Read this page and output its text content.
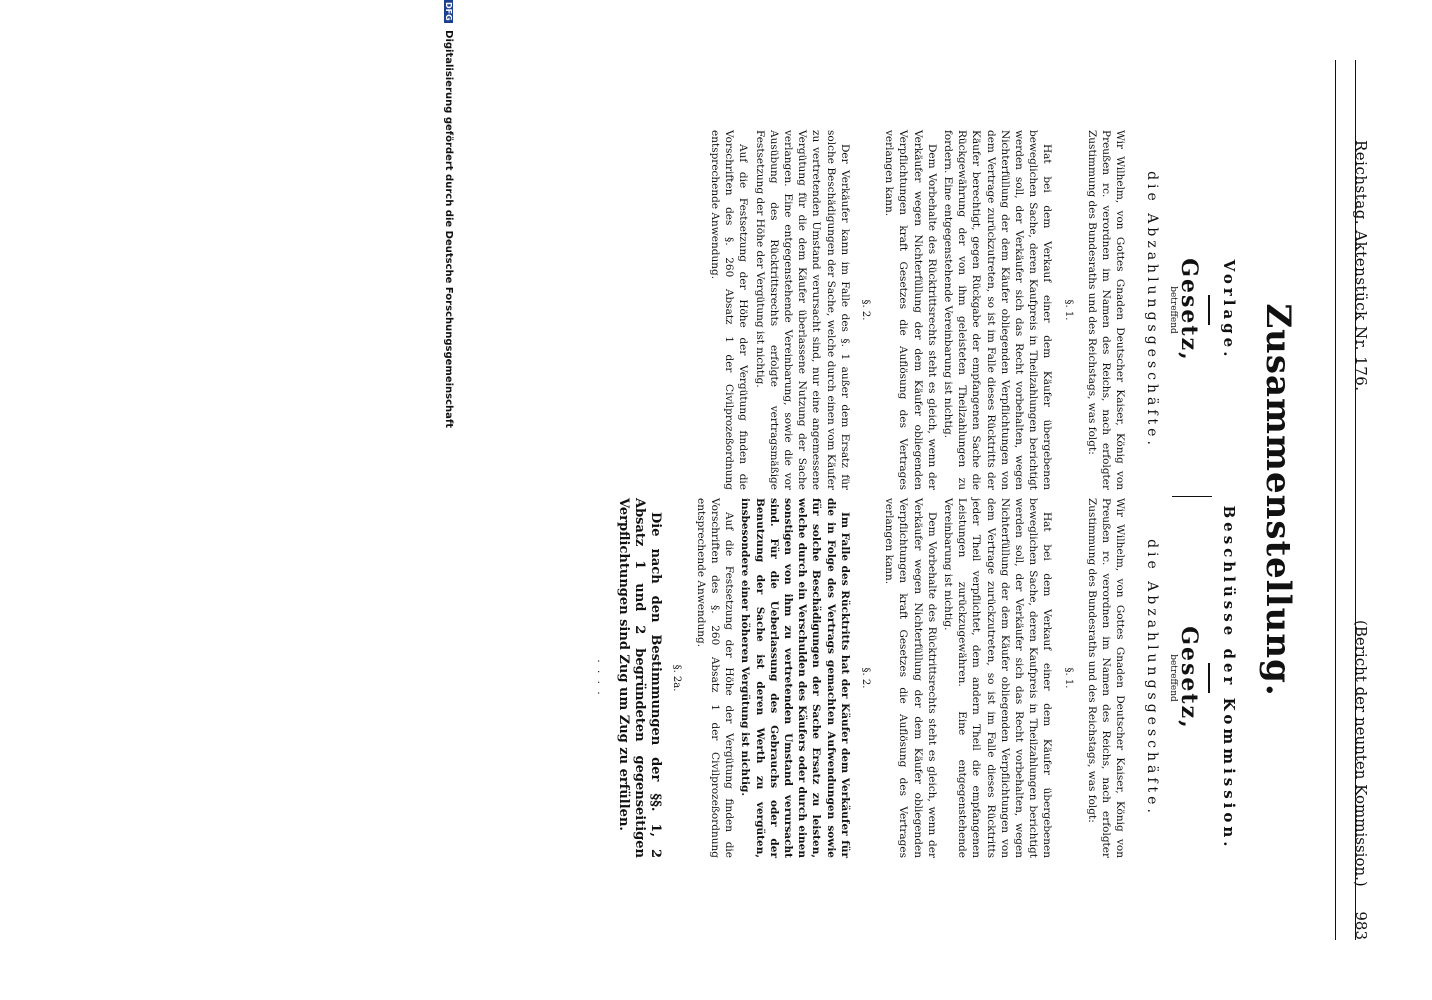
Reichstag. Aktenstück Nr. 176.
(Bericht der neunten Kommission.)
983
Zusammenstellung.
Vorlage.
Gesetz,
betreffend
die Abzahlungsgeschäfte.
Wir Wilhelm, von Gottes Gnaden Deutscher Kaiser, König von Preußen rc. verordnen im Namen des Reichs, nach erfolgter Zustimmung des Bundesraths und des Reichstags, was folgt:
§. 1.

Hat bei dem Verkauf einer dem Käufer übergebenen beweglichen Sache, deren Kaufpreis in Theilzahlungen berichtigt werden soll, der Verkäufer sich das Recht vorbehalten, wegen Nichterfüllung der dem Käufer obliegenden Verpflichtungen von dem Vertrage zurückzutreten, so ist im Falle dieses Rücktritts der Käufer berechtigt, gegen Rückgabe der empfangenen Sache die Rückgewährung der von ihm geleisteten Theilzahlungen zu fordern. Eine entgegenstehende Vereinbarung ist nichtig.

Dem Vorbehalte des Rücktrittsrechts steht es gleich, wenn der Verkäufer wegen Nichterfüllung der dem Käufer obliegenden Verpflichtungen kraft Gesetzes die Auflösung des Vertrages verlangen kann.

§. 2.

Der Verkäufer kann im Falle des §. 1 außer dem Ersatz für solche Beschädigungen der Sache, welche durch einen vom Käufer zu vertretenden Umstand verursacht sind, nur eine angemessene Vergütung für die dem Käufer überlassene Nutzung der Sache verlangen. Eine entgegenstehende Vereinbarung, sowie die vor Ausübung des Rücktrittsrechts erfolgte vertragsmäßige Festsetzung der Höhe der Vergütung ist nichtig.

Auf die Festsetzung der Höhe der Vergütung finden die Vorschriften des §. 260 Absatz 1 der Civilprozeßordnung entsprechende Anwendung.

Beschlüsse der Kommission.
Gesetz,
betreffend
die Abzahlungsgeschäfte.
Wir Wilhelm, von Gottes Gnaden Deutscher Kaiser, König von Preußen rc. verordnen im Namen des Reichs, nach erfolgter Zustimmung des Bundesraths und des Reichstags, was folgt:
§. 1.

Hat bei dem Verkauf einer dem Käufer übergebenen beweglichen Sache, deren Kaufpreis in Theilzahlungen berichtigt werden soll, der Verkäufer sich das Recht vorbehalten, wegen Nichterfüllung der dem Käufer obliegenden Verpflichtungen von dem Vertrage zurückzutreten, so ist im Falle dieses Rücktritts jeder Theil verpflichtet, dem andern Theil die empfangenen Leistungen zurückzugewähren. Eine entgegenstehende Vereinbarung ist nichtig.

Dem Vorbehalte des Rücktrittsrechts steht es gleich, wenn der Verkäufer wegen Nichterfüllung der dem Käufer obliegenden Verpflichtungen kraft Gesetzes die Auflösung des Vertrages verlangen kann.

§. 2.

Im Falle des Rücktritts hat der Käufer dem Verkäufer für die in Folge des Vertrags gemachten Aufwendungen sowie für solche Beschädigungen der Sache Ersatz zu leisten, welche durch ein Verschulden des Käufers oder durch einen sonstigen von ihm zu vertretenden Umstand verursacht sind. Für die Ueberlassung des Gebrauchs oder der Benutzung der Sache ist deren Werth zu vergüten, insbesondere einer höheren Vergütung ist nichtig.

Auf die Festsetzung der Höhe der Vergütung finden die Vorschriften des §. 260 Absatz 1 der Civilprozeßordnung entsprechende Anwendung.

§. 2a.

Die nach den Bestimmungen der §§. 1, 2 Absatz 1 und 2 begründeten gegenseitigen Verpflichtungen sind Zug um Zug zu erfüllen.

· · · ·
DFG Digitalisierung gefördert durch die Deutsche Forschungsgemeinschaft
